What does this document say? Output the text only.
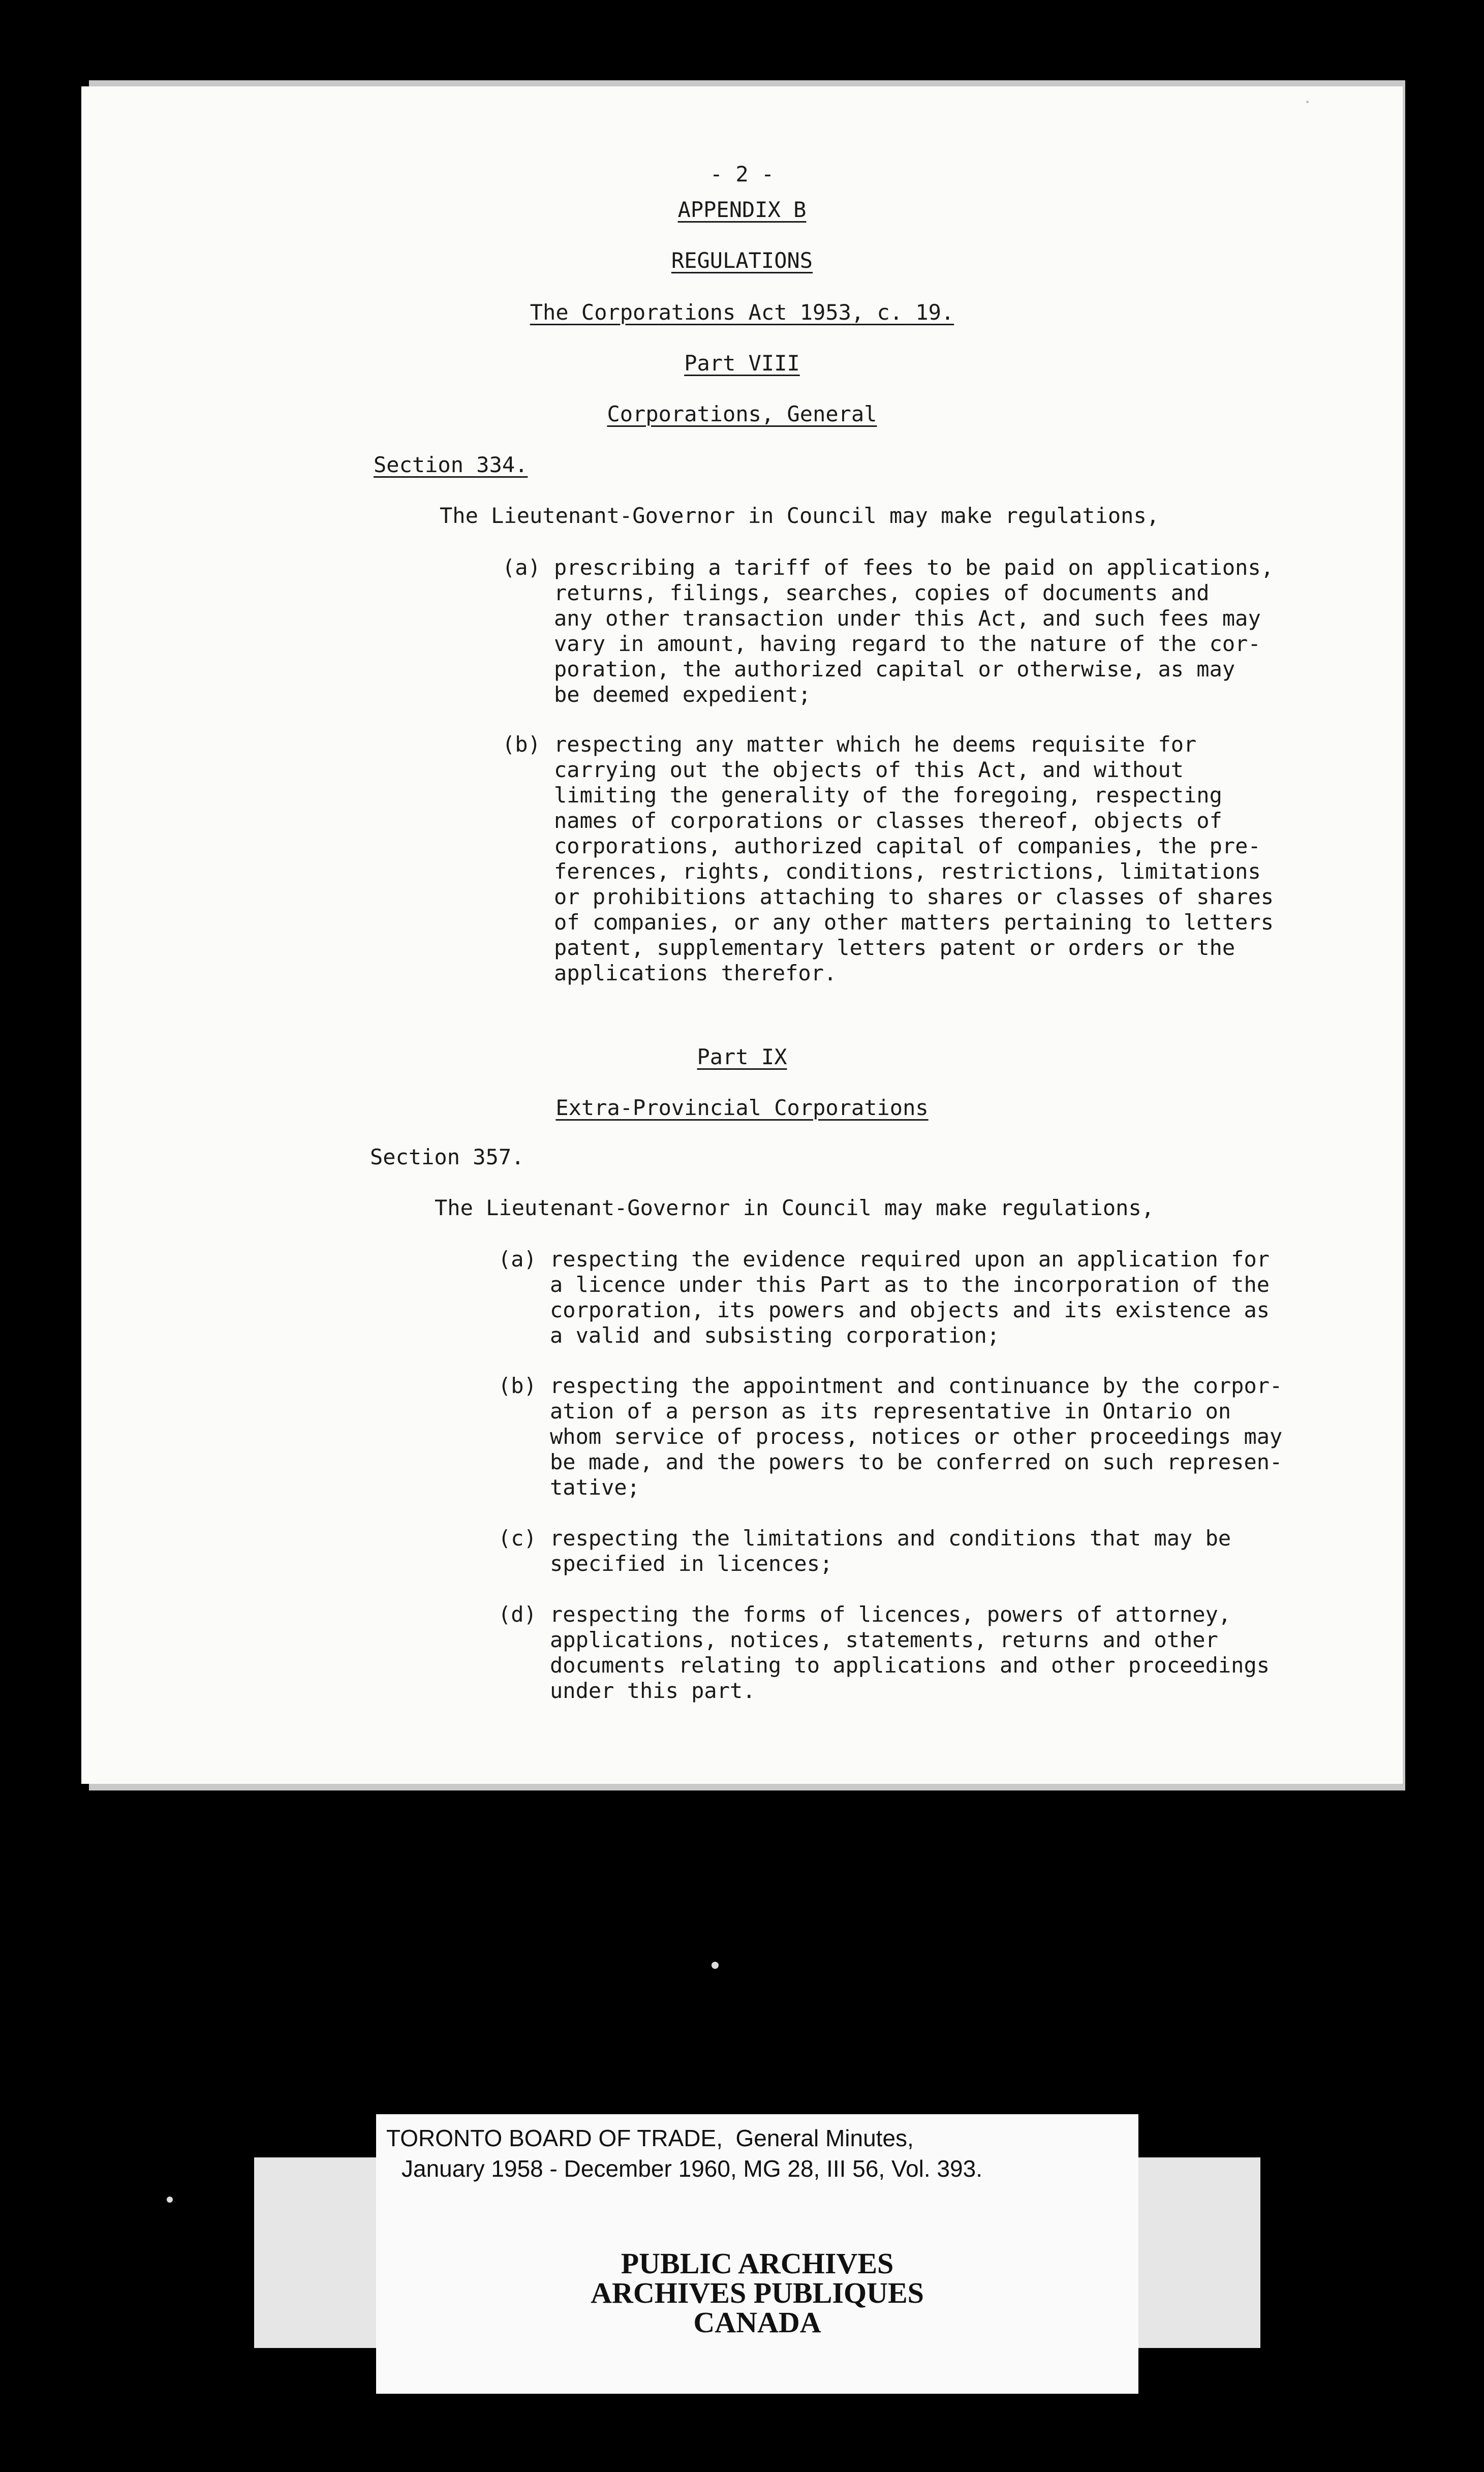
- 2 -
APPENDIX B
REGULATIONS
The Corporations Act 1953, c. 19.
Part VIII
Corporations, General
Section 334.
The Lieutenant-Governor in Council may make regulations,
(a) prescribing a tariff of fees to be paid on applications,
returns, filings, searches, copies of documents and
any other transaction under this Act, and such fees may
vary in amount, having regard to the nature of the cor-
poration, the authorized capital or otherwise, as may
be deemed expedient;
(b) respecting any matter which he deems requisite for
carrying out the objects of this Act, and without
limiting the generality of the foregoing, respecting
names of corporations or classes thereof, objects of
corporations, authorized capital of companies, the pre-
ferences, rights, conditions, restrictions, limitations
or prohibitions attaching to shares or classes of shares
of companies, or any other matters pertaining to letters
patent, supplementary letters patent or orders or the
applications therefor.
Part IX
Extra-Provincial Corporations
Section 357.
The Lieutenant-Governor in Council may make regulations,
(a) respecting the evidence required upon an application for
a licence under this Part as to the incorporation of the
corporation, its powers and objects and its existence as
a valid and subsisting corporation;
(b) respecting the appointment and continuance by the corpor-
ation of a person as its representative in Ontario on
whom service of process, notices or other proceedings may
be made, and the powers to be conferred on such represen-
tative;
(c) respecting the limitations and conditions that may be
specified in licences;
(d) respecting the forms of licences, powers of attorney,
applications, notices, statements, returns and other
documents relating to applications and other proceedings
under this part.
TORONTO BOARD OF TRADE,  General Minutes,
January 1958 - December 1960, MG 28, III 56, Vol. 393.
PUBLIC ARCHIVES
ARCHIVES PUBLIQUES
CANADA
